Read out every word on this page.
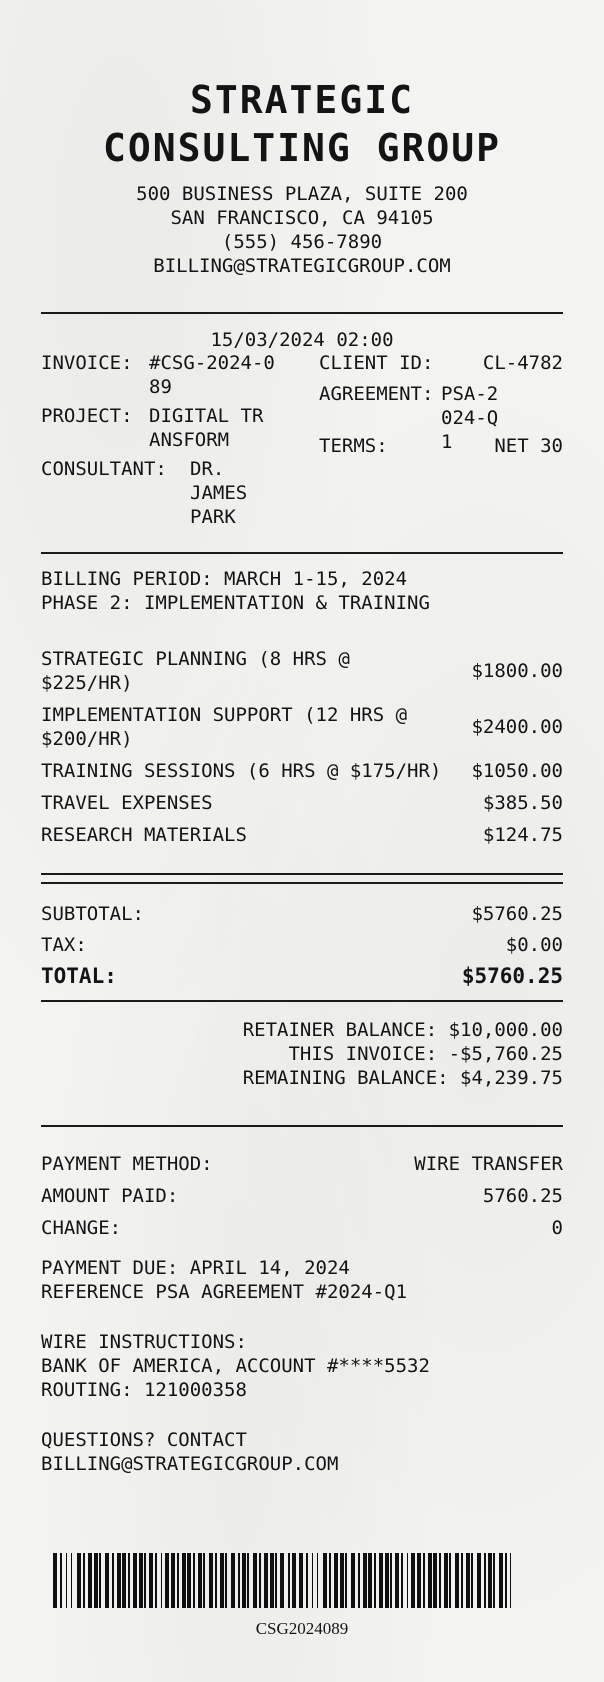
STRATEGIC
CONSULTING GROUP
500 BUSINESS PLAZA, SUITE 200
SAN FRANCISCO, CA 94105
(555) 456-7890
BILLING@STRATEGICGROUP.COM
15/03/2024 02:00
INVOICE: #CSG-2024-089
PROJECT: DIGITAL TRANSFORM
CONSULTANT: DR. JAMES PARK
CLIENT ID:	CL-4782
AGREEMENT: PSA-2024-Q1
TERMS:	NET 30
BILLING PERIOD: MARCH 1-15, 2024
PHASE 2: IMPLEMENTATION & TRAINING
STRATEGIC PLANNING (8 HRS @ $225/HR)
$1800.00
IMPLEMENTATION SUPPORT (12 HRS @ $200/HR)
$2400.00
TRAINING SESSIONS (6 HRS @ $175/HR) $1050.00
TRAVEL EXPENSES	$385.50
RESEARCH MATERIALS	$124.75
SUBTOTAL:	$5760.25
TAX:	$0.00
TOTAL:	$5760.25
RETAINER BALANCE: $10,000.00
THIS INVOICE: -$5,760.25
REMAINING BALANCE: $4,239.75
PAYMENT METHOD:	WIRE TRANSFER
AMOUNT PAID:	5760.25
CHANGE:	0
PAYMENT DUE: APRIL 14, 2024
REFERENCE PSA AGREEMENT #2024-Q1
WIRE INSTRUCTIONS:
BANK OF AMERICA, ACCOUNT #****5532
ROUTING: 121000358
QUESTIONS? CONTACT
BILLING@STRATEGICGROUP.COM
CSG2024089
